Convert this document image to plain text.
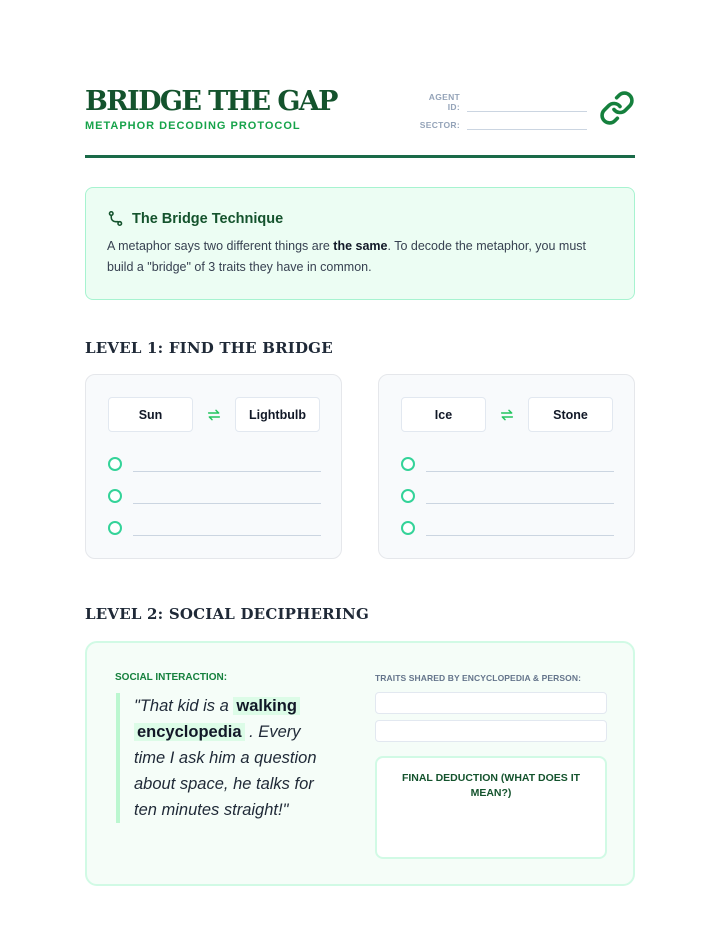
BRIDGE THE GAP
METAPHOR DECODING PROTOCOL
AGENT ID:
SECTOR:
The Bridge Technique
A metaphor says two different things are the same. To decode the metaphor, you must build a "bridge" of 3 traits they have in common.
LEVEL 1: FIND THE BRIDGE
Sun	Lightbulb	Ice	Stone
LEVEL 2: SOCIAL DECIPHERING
SOCIAL INTERACTION:
"That kid is a walking encyclopedia . Every time I ask him a question about space, he talks for ten minutes straight!"
TRAITS SHARED BY ENCYCLOPEDIA & PERSON:
FINAL DEDUCTION (WHAT DOES IT MEAN?)
